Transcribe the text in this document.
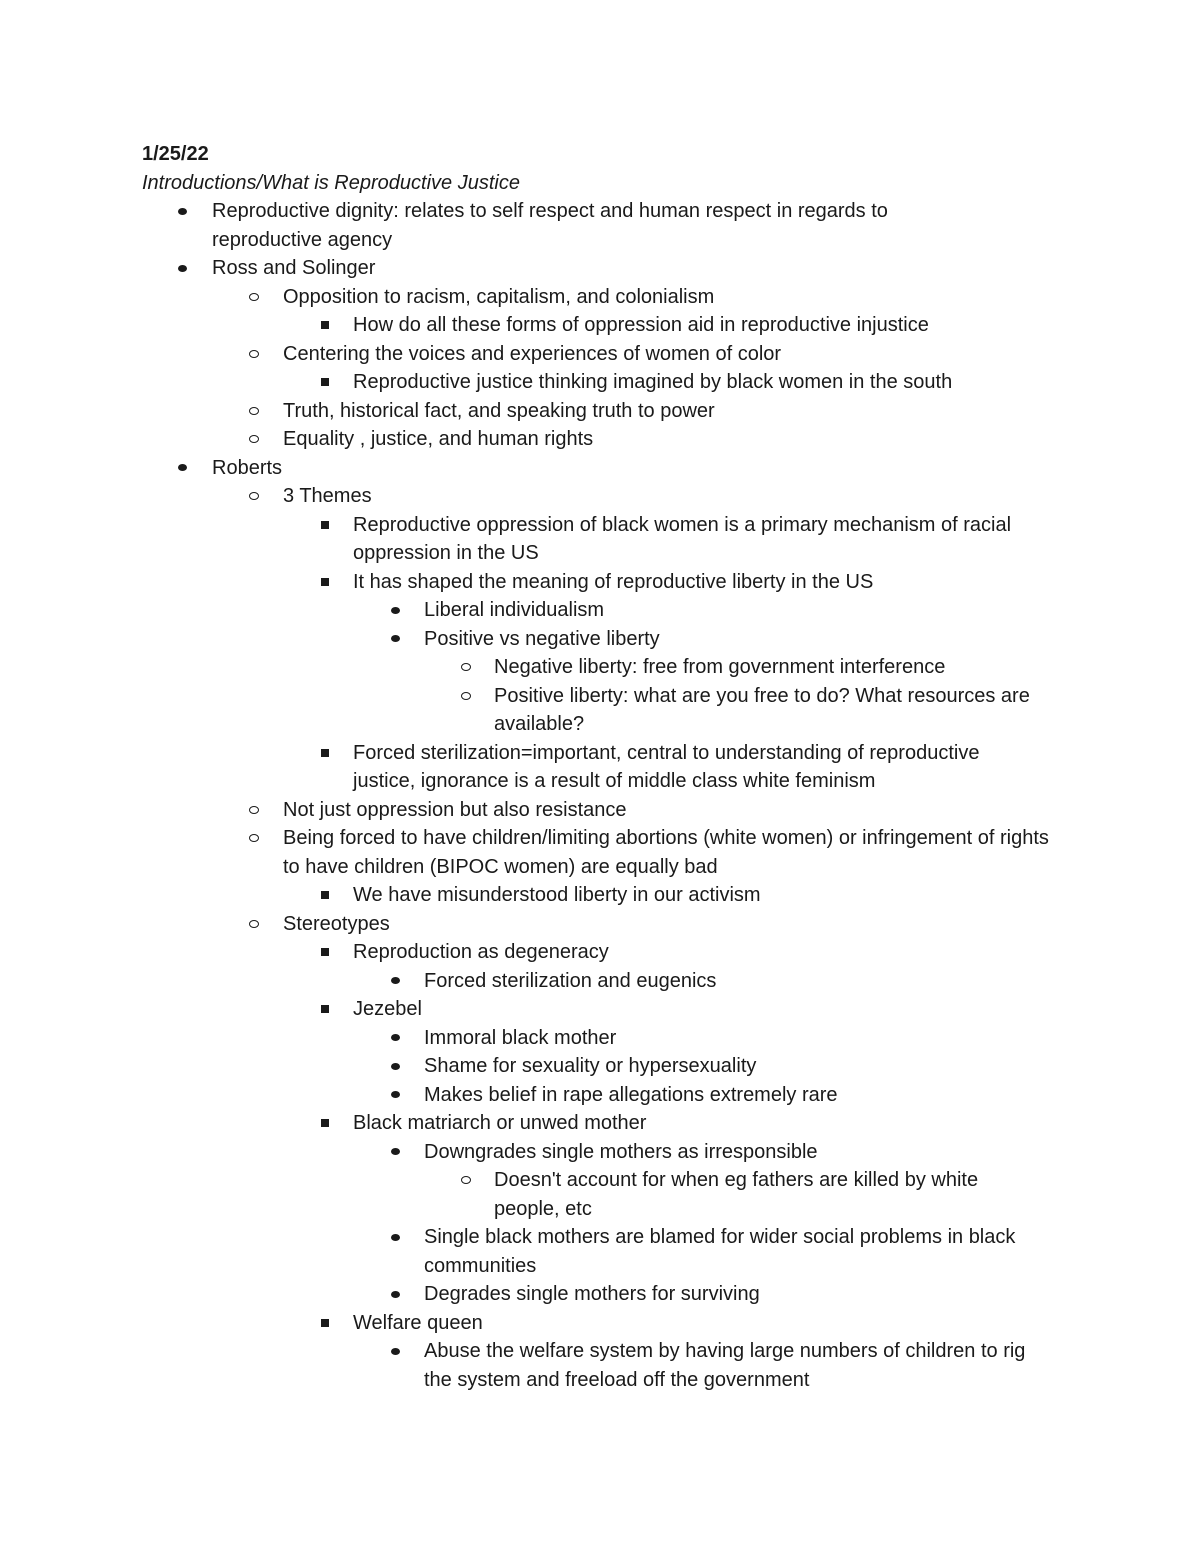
1/25/22
Introductions/What is Reproductive Justice
Reproductive dignity: relates to self respect and human respect in regards to reproductive agency
Ross and Solinger
Opposition to racism, capitalism, and colonialism
How do all these forms of oppression aid in reproductive injustice
Centering the voices and experiences of women of color
Reproductive justice thinking imagined by black women in the south
Truth, historical fact, and speaking truth to power
Equality , justice, and human rights
Roberts
3 Themes
Reproductive oppression of black women is a primary mechanism of racial oppression in the US
It has shaped the meaning of reproductive liberty in the US
Liberal individualism
Positive vs negative liberty
Negative liberty: free from government interference
Positive liberty: what are you free to do? What resources are available?
Forced sterilization=important, central to understanding of reproductive justice, ignorance is a result of middle class white feminism
Not just oppression but also resistance
Being forced to have children/limiting abortions (white women) or infringement of rights to have children (BIPOC women) are equally bad
We have misunderstood liberty in our activism
Stereotypes
Reproduction as degeneracy
Forced sterilization and eugenics
Jezebel
Immoral black mother
Shame for sexuality or hypersexuality
Makes belief in rape allegations extremely rare
Black matriarch or unwed mother
Downgrades single mothers as irresponsible
Doesn't account for when eg fathers are killed by white people, etc
Single black mothers are blamed for wider social problems in black communities
Degrades single mothers for surviving
Welfare queen
Abuse the welfare system by having large numbers of children to rig the system and freeload off the government
